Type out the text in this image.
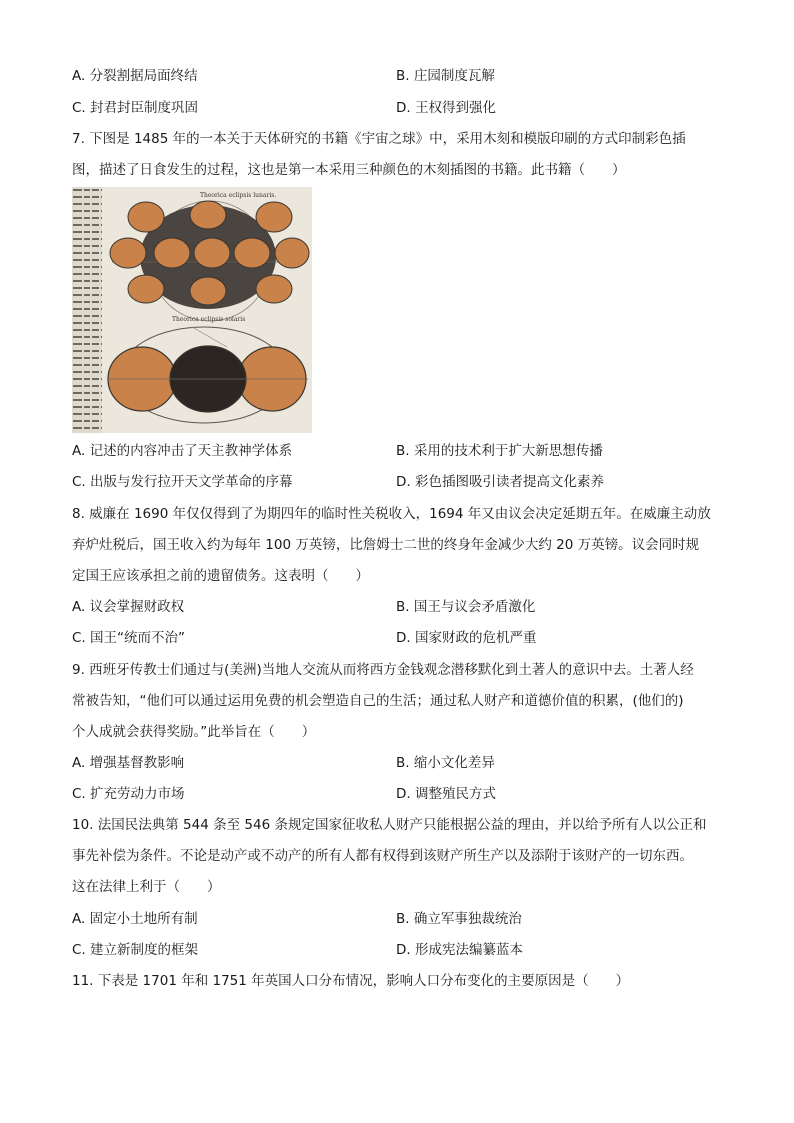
A. 分裂割据局面终结	B. 庄园制度瓦解
C. 封君封臣制度巩固	D. 王权得到强化
7. 下图是 1485 年的一本关于天体研究的书籍《宇宙之球》中，采用木刻和模版印刷的方式印制彩色插
图，描述了日食发生的过程，这也是第一本采用三种颜色的木刻插图的书籍。此书籍（　　）
Theorica eclipsis lunaris.
Theorica eclipsis solaris
A. 记述的内容冲击了天主教神学体系	B. 采用的技术利于扩大新思想传播
C. 出版与发行拉开天文学革命的序幕	D. 彩色插图吸引读者提高文化素养
8. 威廉在 1690 年仅仅得到了为期四年的临时性关税收入，1694 年又由议会决定延期五年。在威廉主动放
弃炉灶税后，国王收入约为每年 100 万英镑，比詹姆士二世的终身年金减少大约 20 万英镑。议会同时规
定国王应该承担之前的遗留债务。这表明（　　）
A. 议会掌握财政权	B. 国王与议会矛盾激化
C. 国王“统而不治”	D. 国家财政的危机严重
9. 西班牙传教士们通过与(美洲)当地人交流从而将西方金钱观念潜移默化到土著人的意识中去。土著人经
常被告知，“他们可以通过运用免费的机会塑造自己的生活；通过私人财产和道德价值的积累，(他们的)
个人成就会获得奖励。”此举旨在（　　）
A. 增强基督教影响	B. 缩小文化差异
C. 扩充劳动力市场	D. 调整殖民方式
10. 法国民法典第 544 条至 546 条规定国家征收私人财产只能根据公益的理由，并以给予所有人以公正和
事先补偿为条件。不论是动产或不动产的所有人都有权得到该财产所生产以及添附于该财产的一切东西。
这在法律上利于（　　）
A. 固定小土地所有制	B. 确立军事独裁统治
C. 建立新制度的框架	D. 形成宪法编纂蓝本
11. 下表是 1701 年和 1751 年英国人口分布情况，影响人口分布变化的主要原因是（　　）
